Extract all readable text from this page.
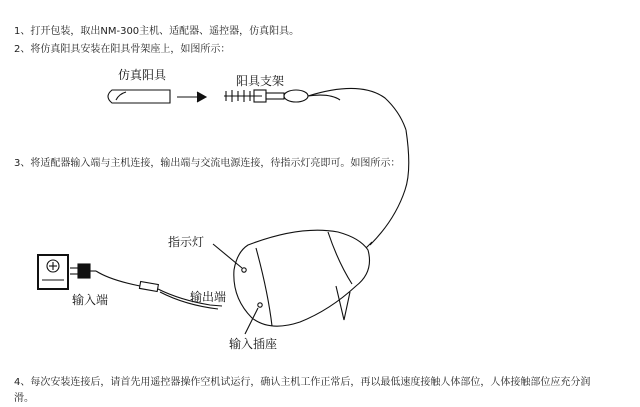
1、打开包装，取出NM-300主机、适配器、遥控器，仿真阳具。
2、将仿真阳具安装在阳具骨架座上，如图所示：
仿真阳具	阳具支架
3、将适配器输入端与主机连接，输出端与交流电源连接，待指示灯亮即可。如图所示：
指示灯
输入端	输出端
输入插座
4、每次安装连接后，请首先用遥控器操作空机试运行，确认主机工作正常后，再以最低速度接触人体部位，人体接触部位应充分润
滑。
